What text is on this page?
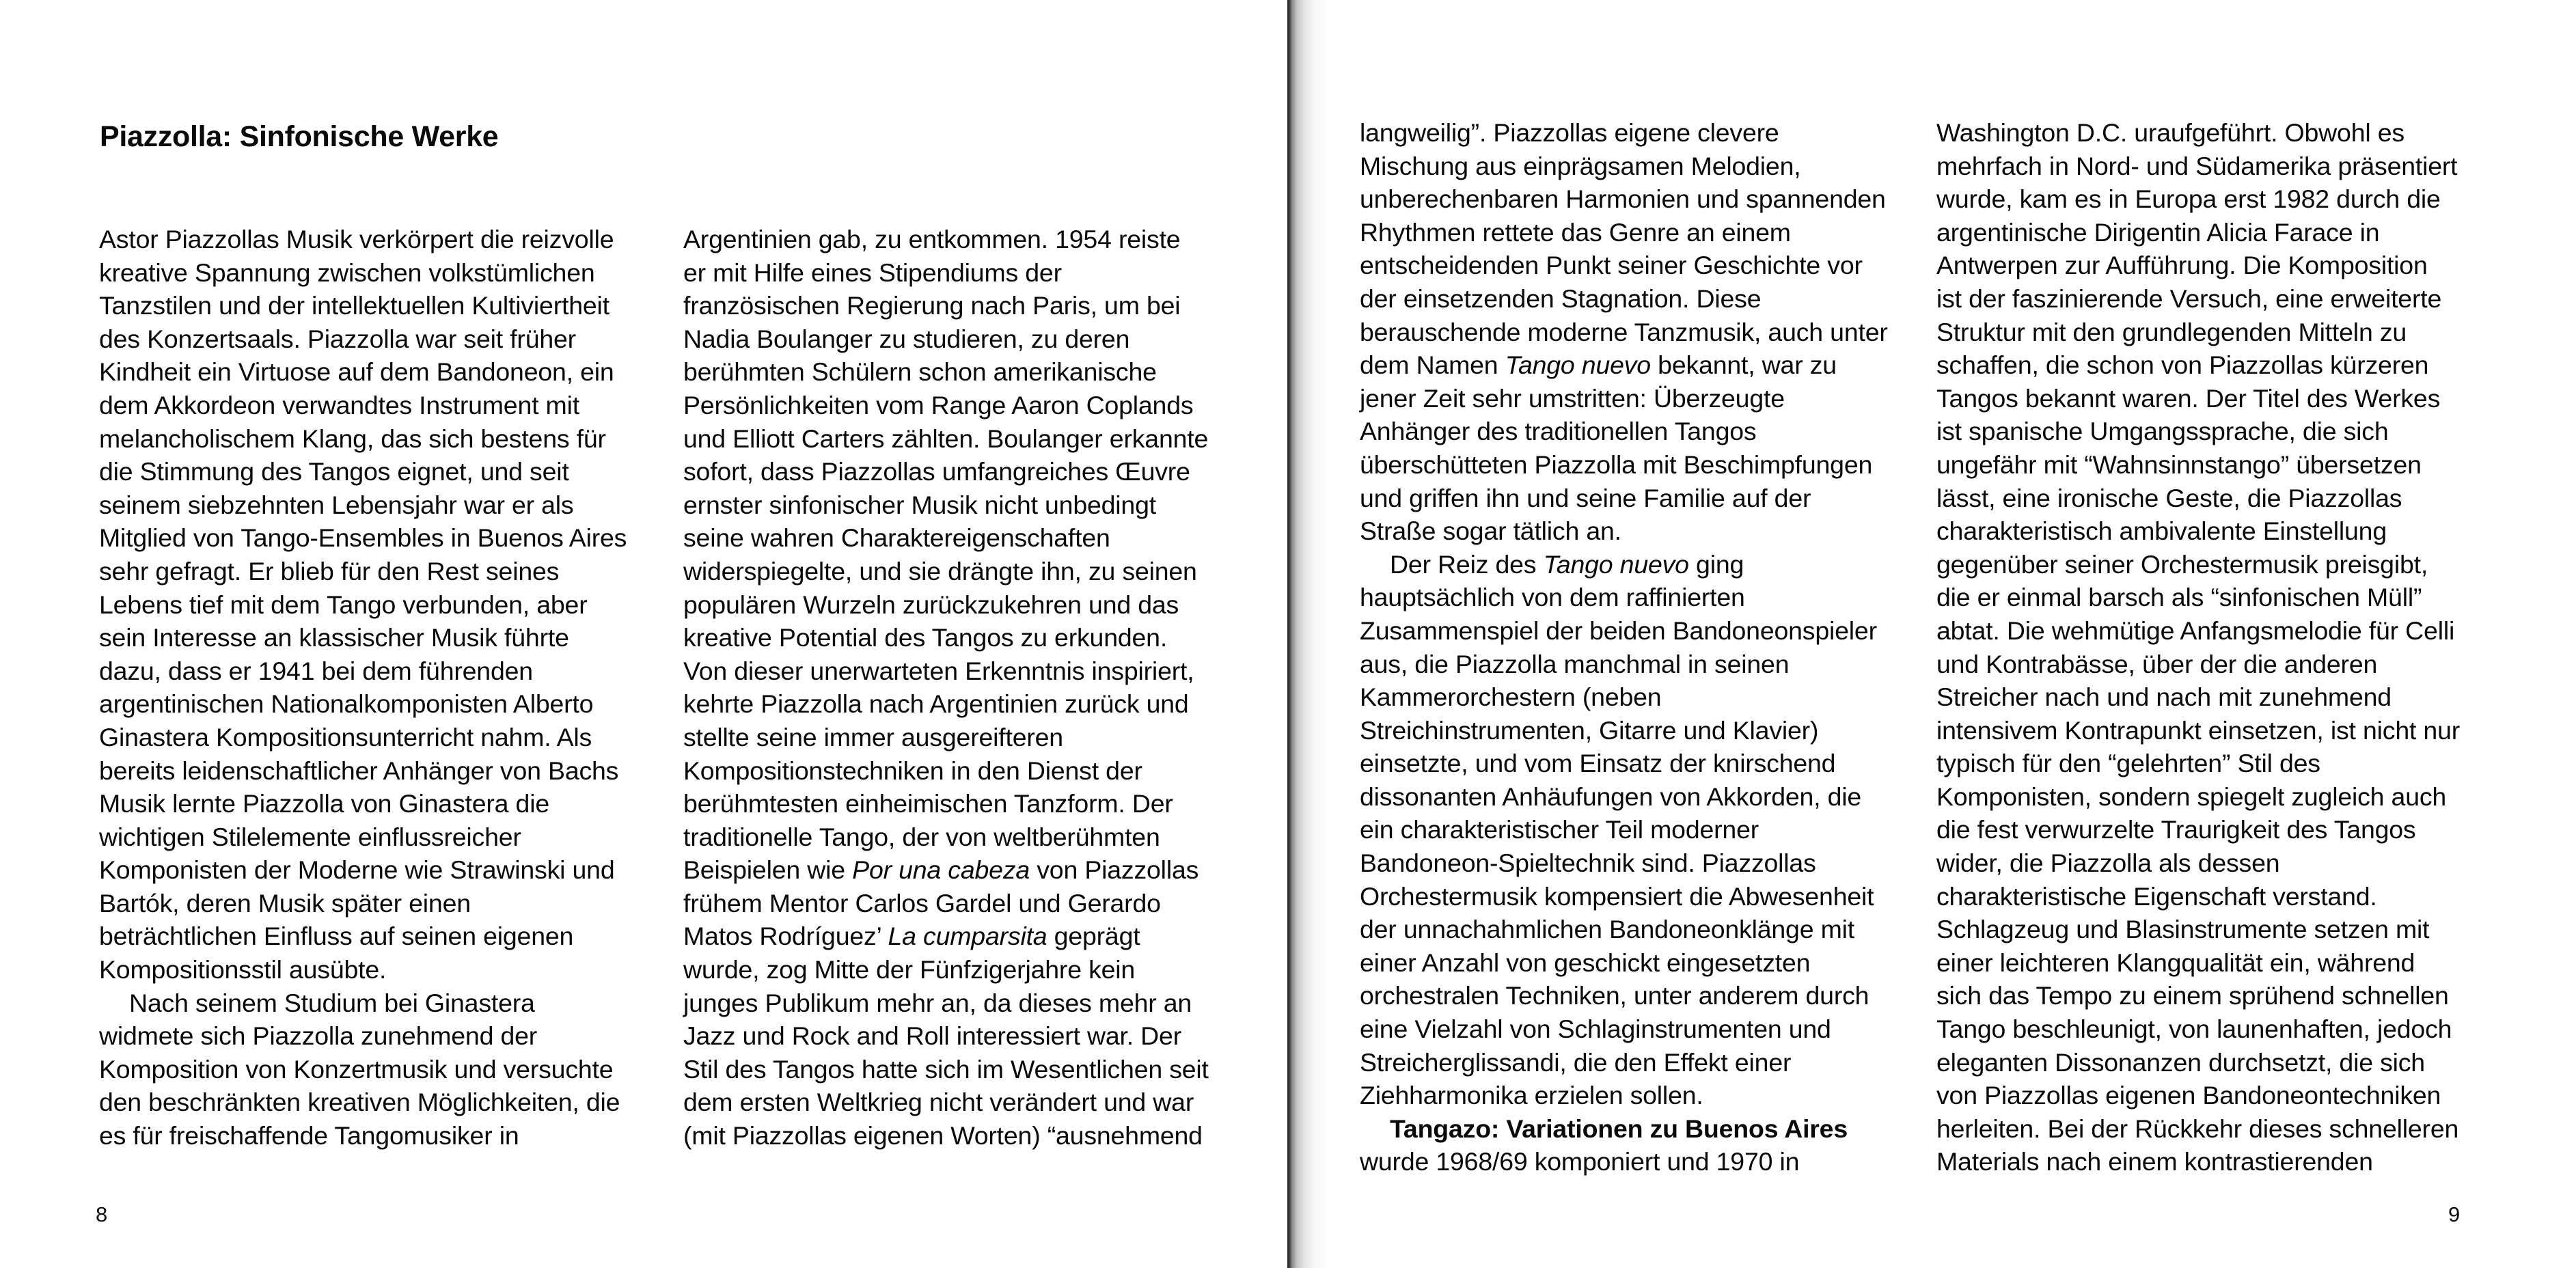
Piazzolla: Sinfonische Werke
Astor Piazzollas Musik verkörpert die reizvolle
kreative Spannung zwischen volkstümlichen
Tanzstilen und der intellektuellen Kultiviertheit
des Konzertsaals. Piazzolla war seit früher
Kindheit ein Virtuose auf dem Bandoneon, ein
dem Akkordeon verwandtes Instrument mit
melancholischem Klang, das sich bestens für
die Stimmung des Tangos eignet, und seit
seinem siebzehnten Lebensjahr war er als
Mitglied von Tango-Ensembles in Buenos Aires
sehr gefragt. Er blieb für den Rest seines
Lebens tief mit dem Tango verbunden, aber
sein Interesse an klassischer Musik führte
dazu, dass er 1941 bei dem führenden
argentinischen Nationalkomponisten Alberto
Ginastera Kompositionsunterricht nahm. Als
bereits leidenschaftlicher Anhänger von Bachs
Musik lernte Piazzolla von Ginastera die
wichtigen Stilelemente einflussreicher
Komponisten der Moderne wie Strawinski und
Bartók, deren Musik später einen
beträchtlichen Einfluss auf seinen eigenen
Kompositionsstil ausübte.
Nach seinem Studium bei Ginastera
widmete sich Piazzolla zunehmend der
Komposition von Konzertmusik und versuchte
den beschränkten kreativen Möglichkeiten, die
es für freischaffende Tangomusiker in
Argentinien gab, zu entkommen. 1954 reiste
er mit Hilfe eines Stipendiums der
französischen Regierung nach Paris, um bei
Nadia Boulanger zu studieren, zu deren
berühmten Schülern schon amerikanische
Persönlichkeiten vom Range Aaron Coplands
und Elliott Carters zählten. Boulanger erkannte
sofort, dass Piazzollas umfangreiches Œuvre
ernster sinfonischer Musik nicht unbedingt
seine wahren Charaktereigenschaften
widerspiegelte, und sie drängte ihn, zu seinen
populären Wurzeln zurückzukehren und das
kreative Potential des Tangos zu erkunden.
Von dieser unerwarteten Erkenntnis inspiriert,
kehrte Piazzolla nach Argentinien zurück und
stellte seine immer ausgereifteren
Kompositionstechniken in den Dienst der
berühmtesten einheimischen Tanzform. Der
traditionelle Tango, der von weltberühmten
Beispielen wie Por una cabeza von Piazzollas
frühem Mentor Carlos Gardel und Gerardo
Matos Rodríguez’ La cumparsita geprägt
wurde, zog Mitte der Fünfzigerjahre kein
junges Publikum mehr an, da dieses mehr an
Jazz und Rock and Roll interessiert war. Der
Stil des Tangos hatte sich im Wesentlichen seit
dem ersten Weltkrieg nicht verändert und war
(mit Piazzollas eigenen Worten) “ausnehmend

8

langweilig”. Piazzollas eigene clevere
Mischung aus einprägsamen Melodien,
unberechenbaren Harmonien und spannenden
Rhythmen rettete das Genre an einem
entscheidenden Punkt seiner Geschichte vor
der einsetzenden Stagnation. Diese
berauschende moderne Tanzmusik, auch unter
dem Namen Tango nuevo bekannt, war zu
jener Zeit sehr umstritten: Überzeugte
Anhänger des traditionellen Tangos
überschütteten Piazzolla mit Beschimpfungen
und griffen ihn und seine Familie auf der
Straße sogar tätlich an.
Der Reiz des Tango nuevo ging
hauptsächlich von dem raffinierten
Zusammenspiel der beiden Bandoneonspieler
aus, die Piazzolla manchmal in seinen
Kammerorchestern (neben
Streichinstrumenten, Gitarre und Klavier)
einsetzte, und vom Einsatz der knirschend
dissonanten Anhäufungen von Akkorden, die
ein charakteristischer Teil moderner
Bandoneon-Spieltechnik sind. Piazzollas
Orchestermusik kompensiert die Abwesenheit
der unnachahmlichen Bandoneonklänge mit
einer Anzahl von geschickt eingesetzten
orchestralen Techniken, unter anderem durch
eine Vielzahl von Schlaginstrumenten und
Streicherglissandi, die den Effekt einer
Ziehharmonika erzielen sollen.
Tangazo: Variationen zu Buenos Aires
wurde 1968/69 komponiert und 1970 in
Washington D.C. uraufgeführt. Obwohl es
mehrfach in Nord- und Südamerika präsentiert
wurde, kam es in Europa erst 1982 durch die
argentinische Dirigentin Alicia Farace in
Antwerpen zur Aufführung. Die Komposition
ist der faszinierende Versuch, eine erweiterte
Struktur mit den grundlegenden Mitteln zu
schaffen, die schon von Piazzollas kürzeren
Tangos bekannt waren. Der Titel des Werkes
ist spanische Umgangssprache, die sich
ungefähr mit “Wahnsinnstango” übersetzen
lässt, eine ironische Geste, die Piazzollas
charakteristisch ambivalente Einstellung
gegenüber seiner Orchestermusik preisgibt,
die er einmal barsch als “sinfonischen Müll”
abtat. Die wehmütige Anfangsmelodie für Celli
und Kontrabässe, über der die anderen
Streicher nach und nach mit zunehmend
intensivem Kontrapunkt einsetzen, ist nicht nur
typisch für den “gelehrten” Stil des
Komponisten, sondern spiegelt zugleich auch
die fest verwurzelte Traurigkeit des Tangos
wider, die Piazzolla als dessen
charakteristische Eigenschaft verstand.
Schlagzeug und Blasinstrumente setzen mit
einer leichteren Klangqualität ein, während
sich das Tempo zu einem sprühend schnellen
Tango beschleunigt, von launenhaften, jedoch
eleganten Dissonanzen durchsetzt, die sich
von Piazzollas eigenen Bandoneontechniken
herleiten. Bei der Rückkehr dieses schnelleren
Materials nach einem kontrastierenden

9
